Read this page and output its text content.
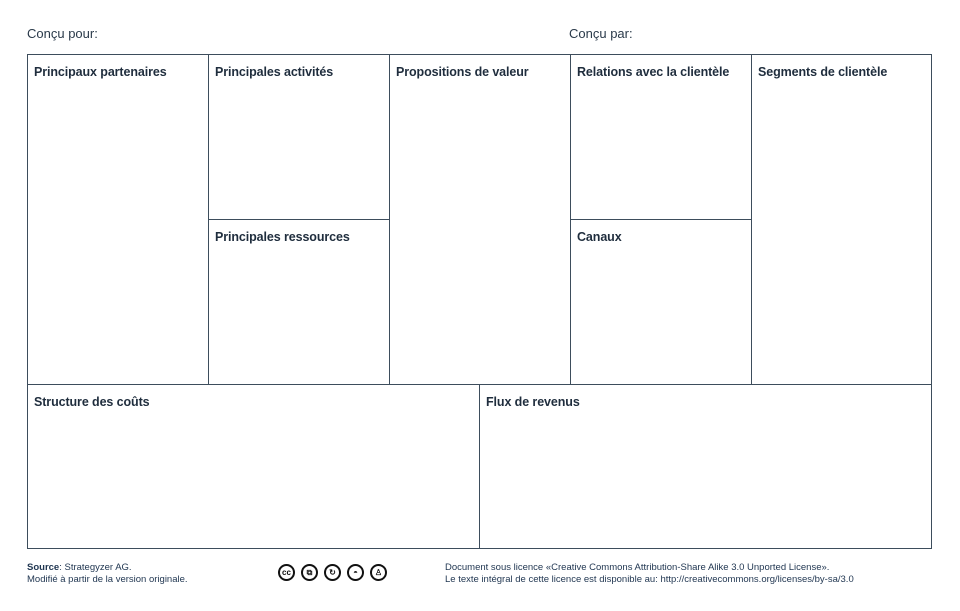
Conçu pour:	Conçu par:
Principaux partenaires	Principales activités
Principales ressources
Propositions de valeur	Relations avec la clientèle
Canaux
Segments de clientèle
Structure des coûts	Flux de revenus
Source: Strategyzer AG.
Modifié à partir de la version originale.
cc	⧉	↻	◓	♙	Document sous licence «Creative Commons Attribution-Share Alike 3.0 Unported License».
Le texte intégral de cette licence est disponible au: http://creativecommons.org/licenses/by-sa/3.0
